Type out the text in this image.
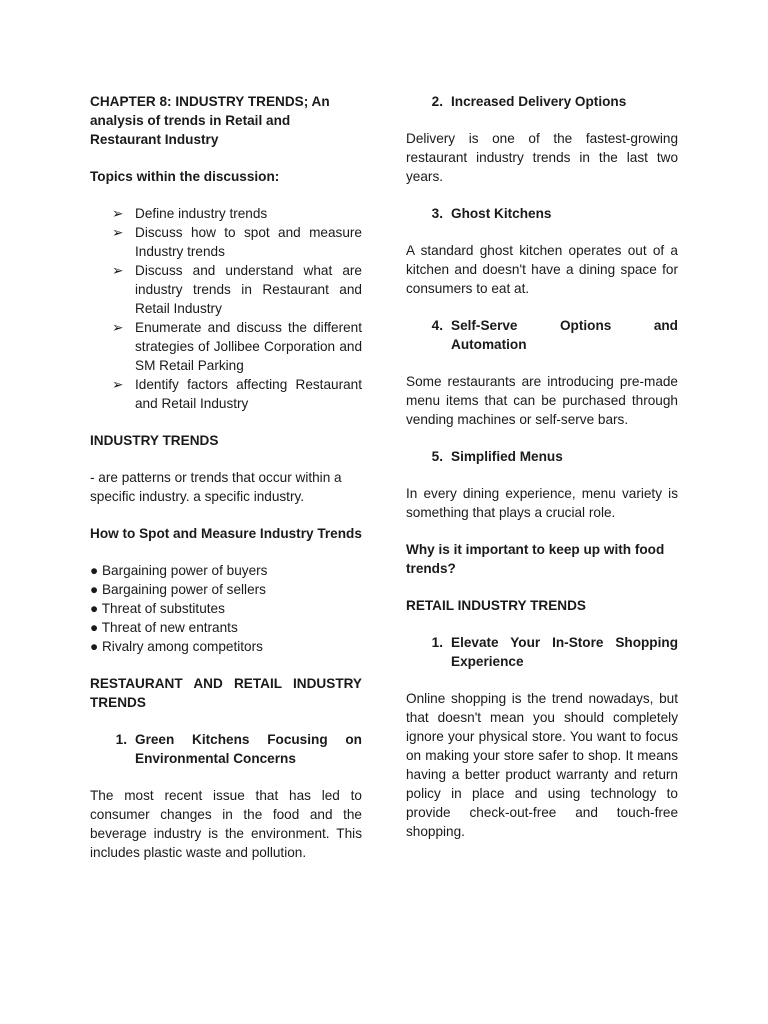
CHAPTER 8: INDUSTRY TRENDS; An analysis of trends in Retail and Restaurant Industry

Topics within the discussion:

➢ Define industry trends
➢ Discuss how to spot and measure Industry trends
➢ Discuss and understand what are industry trends in Restaurant and Retail Industry
➢ Enumerate and discuss the different strategies of Jollibee Corporation and SM Retail Parking
➢ Identify factors affecting Restaurant and Retail Industry

INDUSTRY TRENDS

- are patterns or trends that occur within a specific industry. a specific industry.

How to Spot and Measure Industry Trends

● Bargaining power of buyers
● Bargaining power of sellers
● Threat of substitutes
● Threat of new entrants
● Rivalry among competitors

RESTAURANT AND RETAIL INDUSTRY TRENDS

1. Green Kitchens Focusing on
Environmental Concerns

The most recent issue that has led to consumer changes in the food and the beverage industry is the environment. This includes plastic waste and pollution.

2. Increased Delivery Options

Delivery is one of the fastest-growing restaurant industry trends in the last two years.

3. Ghost Kitchens

A standard ghost kitchen operates out of a kitchen and doesn't have a dining space for consumers to eat at.

4. Self-Serve Options and
Automation

Some restaurants are introducing pre-made menu items that can be purchased through vending machines or self-serve bars.

5. Simplified Menus

In every dining experience, menu variety is something that plays a crucial role.

Why is it important to keep up with food trends?

RETAIL INDUSTRY TRENDS

1. Elevate Your In-Store Shopping
Experience

Online shopping is the trend nowadays, but that doesn't mean you should completely ignore your physical store. You want to focus on making your store safer to shop. It means having a better product warranty and return policy in place and using technology to provide check-out-free and touch-free shopping.
